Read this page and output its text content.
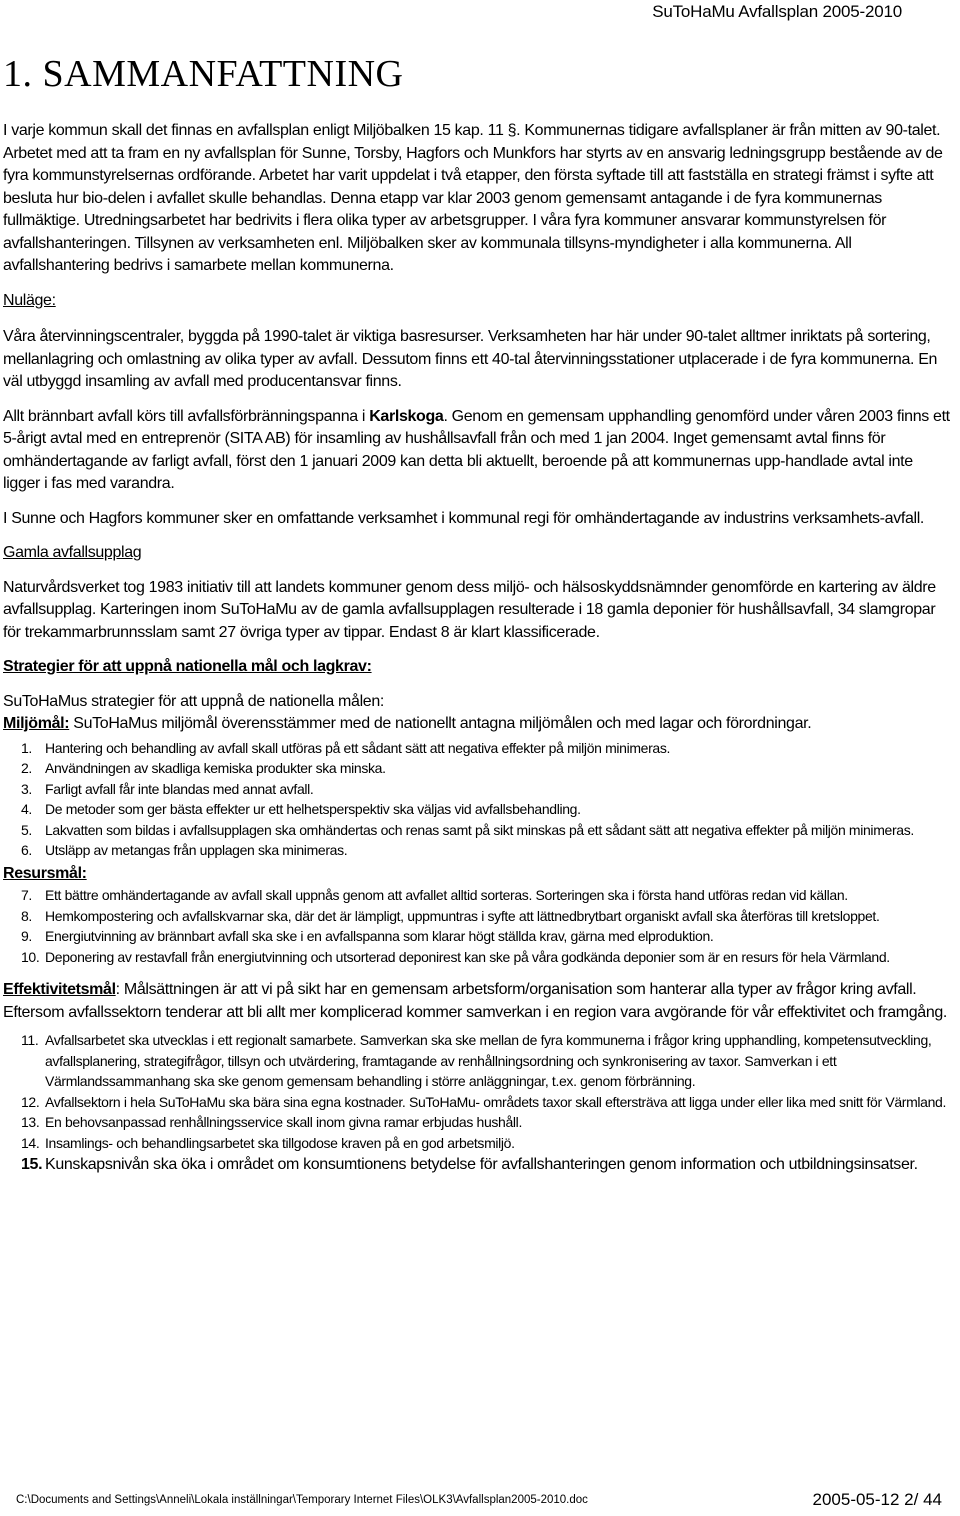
SuToHaMu Avfallsplan 2005-2010
1. SAMMANFATTNING

I varje kommun skall det finnas en avfallsplan enligt Miljöbalken 15 kap. 11 §. Kommunernas tidigare avfallsplaner är från mitten av 90-talet. Arbetet med att ta fram en ny avfallsplan för Sunne, Torsby, Hagfors och Munkfors har styrts av en ansvarig ledningsgrupp bestående av de fyra kommunstyrelsernas ordförande. Arbetet har varit uppdelat i två etapper, den första syftade till att fastställa en strategi främst i syfte att besluta hur bio-delen i avfallet skulle behandlas. Denna etapp var klar 2003 genom gemensamt antagande i de fyra kommunernas fullmäktige. Utredningsarbetet har bedrivits i flera olika typer av arbetsgrupper. I våra fyra kommuner ansvarar kommunstyrelsen för avfallshanteringen. Tillsynen av verksamheten enl. Miljöbalken sker av kommunala tillsyns-myndigheter i alla kommunerna. All avfallshantering bedrivs i samarbete mellan kommunerna.

Nuläge:

Våra återvinningscentraler, byggda på 1990-talet är viktiga basresurser. Verksamheten har här under 90-talet alltmer inriktats på sortering, mellanlagring och omlastning av olika typer av avfall. Dessutom finns ett 40-tal återvinningsstationer utplacerade i de fyra kommunerna. En väl utbyggd insamling av avfall med producentansvar finns.

Allt brännbart avfall körs till avfallsförbränningspanna i Karlskoga. Genom en gemensam upphandling genomförd under våren 2003 finns ett 5-årigt avtal med en entreprenör (SITA AB) för insamling av hushållsavfall från och med 1 jan 2004. Inget gemensamt avtal finns för omhändertagande av farligt avfall, först den 1 januari 2009 kan detta bli aktuellt, beroende på att kommunernas upp-handlade avtal inte ligger i fas med varandra.

I Sunne och Hagfors kommuner sker en omfattande verksamhet i kommunal regi för omhändertagande av industrins verksamhets-avfall.

Gamla avfallsupplag

Naturvårdsverket tog 1983 initiativ till att landets kommuner genom dess miljö- och hälsoskyddsnämnder genomförde en kartering av äldre avfallsupplag. Karteringen inom SuToHaMu av de gamla avfallsupplagen resulterade i 18 gamla deponier för hushållsavfall, 34 slamgropar för trekammarbrunnsslam samt 27 övriga typer av tippar. Endast 8 är klart klassificerade.

Strategier för att uppnå nationella mål och lagkrav:

SuToHaMus strategier för att uppnå de nationella målen:

Miljömål: SuToHaMus miljömål överensstämmer med de nationellt antagna miljömålen och med lagar och förordningar.

1. Hantering och behandling av avfall skall utföras på ett sådant sätt att negativa effekter på miljön minimeras.
2. Användningen av skadliga kemiska produkter ska minska.
3. Farligt avfall får inte blandas med annat avfall.
4. De metoder som ger bästa effekter ur ett helhetsperspektiv ska väljas vid avfallsbehandling.
5. Lakvatten som bildas i avfallsupplagen ska omhändertas och renas samt på sikt minskas på ett sådant sätt att negativa effekter på miljön minimeras.
6. Utsläpp av metangas från upplagen ska minimeras.

Resursmål:

7. Ett bättre omhändertagande av avfall skall uppnås genom att avfallet alltid sorteras. Sorteringen ska i första hand utföras redan vid källan.
8. Hemkompostering och avfallskvarnar ska, där det är lämpligt, uppmuntras i syfte att lättnedbrytbart organiskt avfall ska återföras till kretsloppet.
9. Energiutvinning av brännbart avfall ska ske i en avfallspanna som klarar högt ställda krav, gärna med elproduktion.
10. Deponering av restavfall från energiutvinning och utsorterad deponirest kan ske på våra godkända deponier som är en resurs för hela Värmland.

Effektivitetsmål: Målsättningen är att vi på sikt har en gemensam arbetsform/organisation som hanterar alla typer av frågor kring avfall. Eftersom avfallssektorn tenderar att bli allt mer komplicerad kommer samverkan i en region vara avgörande för vår effektivitet och framgång.

11. Avfallsarbetet ska utvecklas i ett regionalt samarbete. Samverkan ska ske mellan de fyra kommunerna i frågor kring upphandling, kompetensutveckling, avfallsplanering, strategifrågor, tillsyn och utvärdering, framtagande av renhållningsordning och synkronisering av taxor. Samverkan i ett Värmlandssammanhang ska ske genom gemensam behandling i större anläggningar, t.ex. genom förbränning.
12. Avfallsektorn i hela SuToHaMu ska bära sina egna kostnader. SuToHaMu- områdets taxor skall eftersträva att ligga under eller lika med snitt för Värmland.
13. En behovsanpassad renhållningsservice skall inom givna ramar erbjudas hushåll.
14. Insamlings- och behandlingsarbetet ska tillgodose kraven på en god arbetsmiljö.
15. Kunskapsnivån ska öka i området om konsumtionens betydelse för avfallshanteringen genom information och utbildningsinsatser.
C:\Documents and Settings\Anneli\Lokala inställningar\Temporary Internet Files\OLK3\Avfallsplan2005-2010.doc	2005-05-12 2/ 44
